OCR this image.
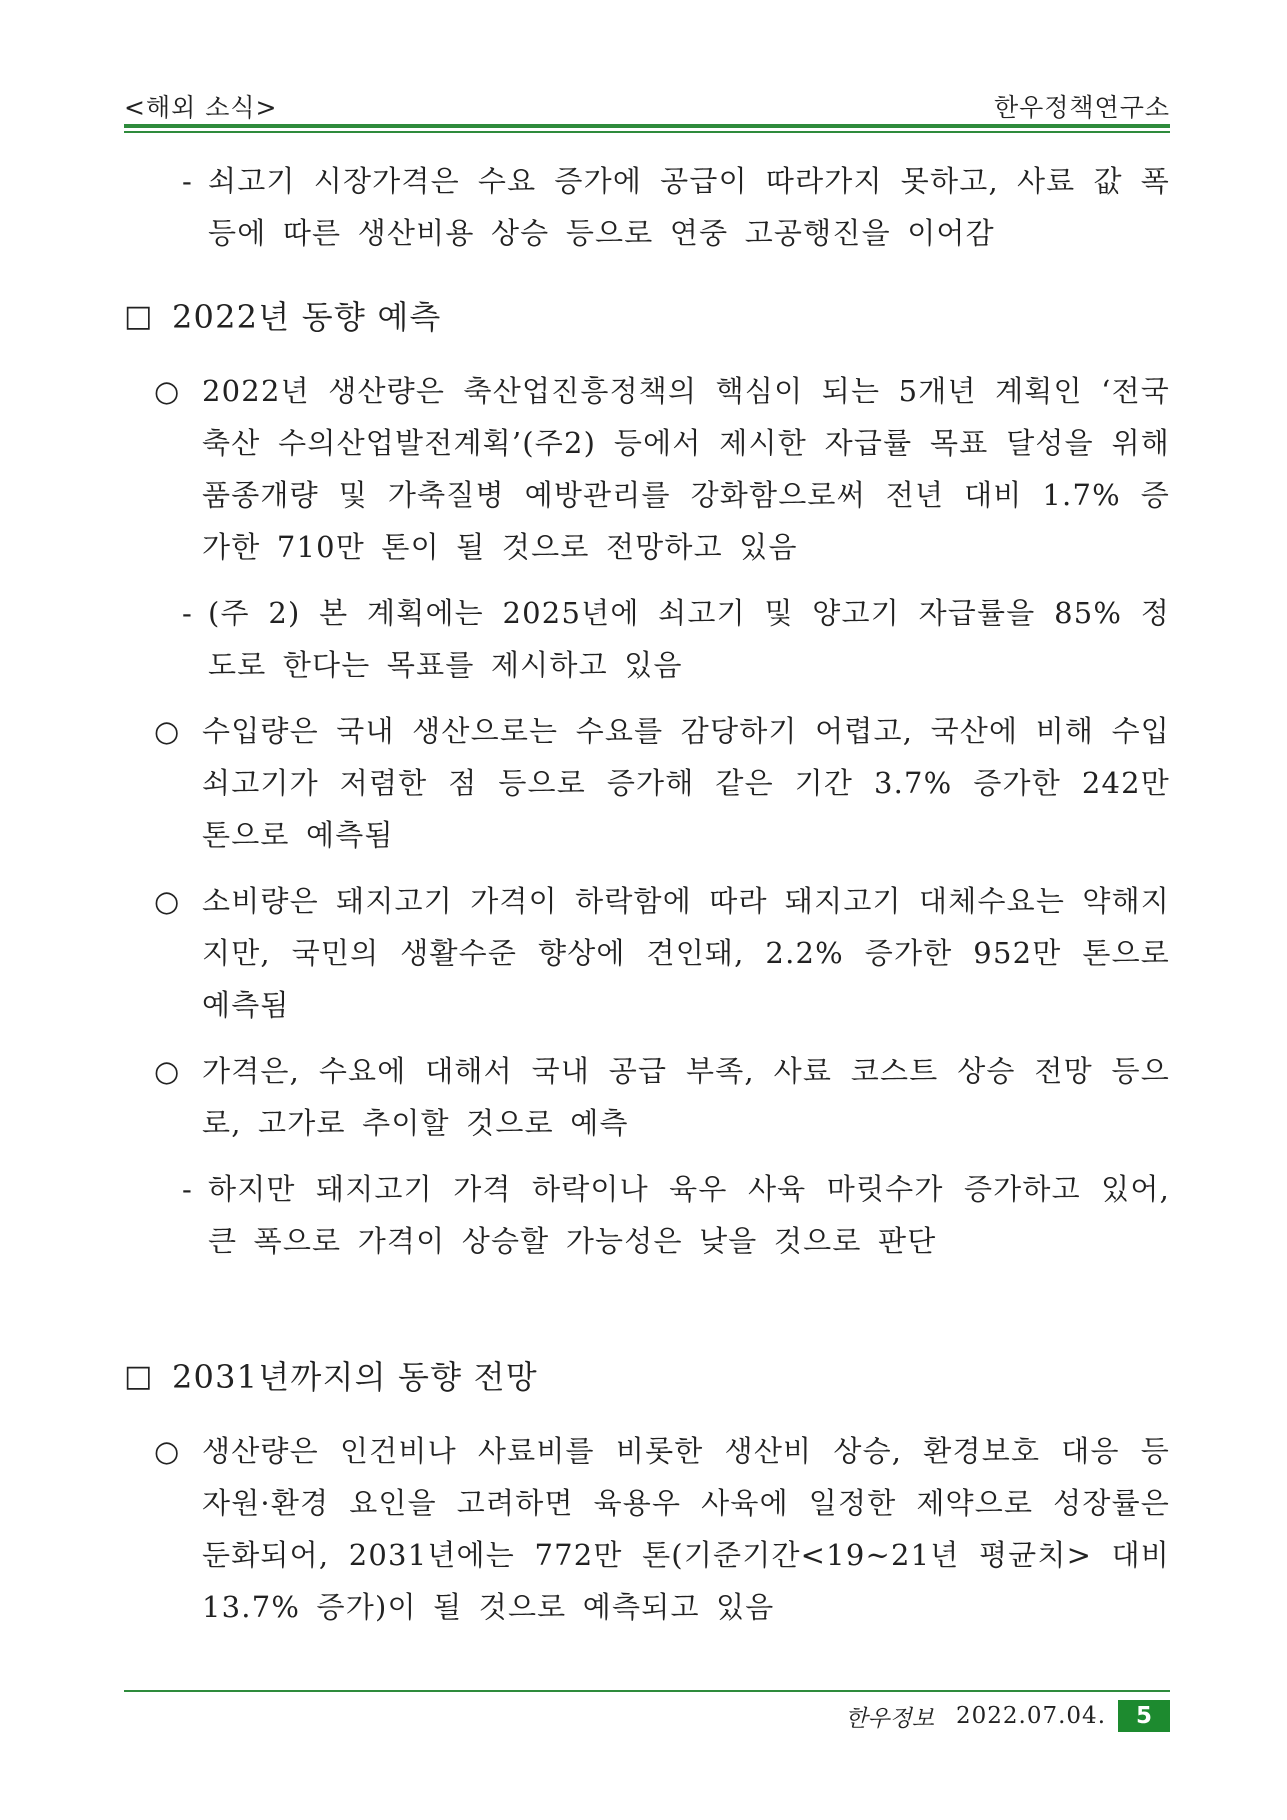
<해외 소식>	한우정책연구소
- 쇠고기 시장가격은 수요 증가에 공급이 따라가지 못하고, 사료 값 폭등에 따른 생산비용 상승 등으로 연중 고공행진을 이어감
□ 2022년 동향 예측
○ 2022년 생산량은 축산업진흥정책의 핵심이 되는 5개년 계획인 ‘전국 축산 수의산업발전계획’(주2) 등에서 제시한 자급률 목표 달성을 위해 품종개량 및 가축질병 예방관리를 강화함으로써 전년 대비 1.7% 증가한 710만 톤이 될 것으로 전망하고 있음
- (주 2) 본 계획에는 2025년에 쇠고기 및 양고기 자급률을 85% 정도로 한다는 목표를 제시하고 있음
○ 수입량은 국내 생산으로는 수요를 감당하기 어렵고, 국산에 비해 수입 쇠고기가 저렴한 점 등으로 증가해 같은 기간 3.7% 증가한 242만 톤으로 예측됨
○ 소비량은 돼지고기 가격이 하락함에 따라 돼지고기 대체수요는 약해지지만, 국민의 생활수준 향상에 견인돼, 2.2% 증가한 952만 톤으로 예측됨
○ 가격은, 수요에 대해서 국내 공급 부족, 사료 코스트 상승 전망 등으로, 고가로 추이할 것으로 예측
- 하지만 돼지고기 가격 하락이나 육우 사육 마릿수가 증가하고 있어, 큰 폭으로 가격이 상승할 가능성은 낮을 것으로 판단
□ 2031년까지의 동향 전망
○ 생산량은 인건비나 사료비를 비롯한 생산비 상승, 환경보호 대응 등 자원·환경 요인을 고려하면 육용우 사육에 일정한 제약으로 성장률은 둔화되어, 2031년에는 772만 톤(기준기간<19~21년 평균치> 대비 13.7% 증가)이 될 것으로 예측되고 있음
한우정보 2022.07.04.	5
